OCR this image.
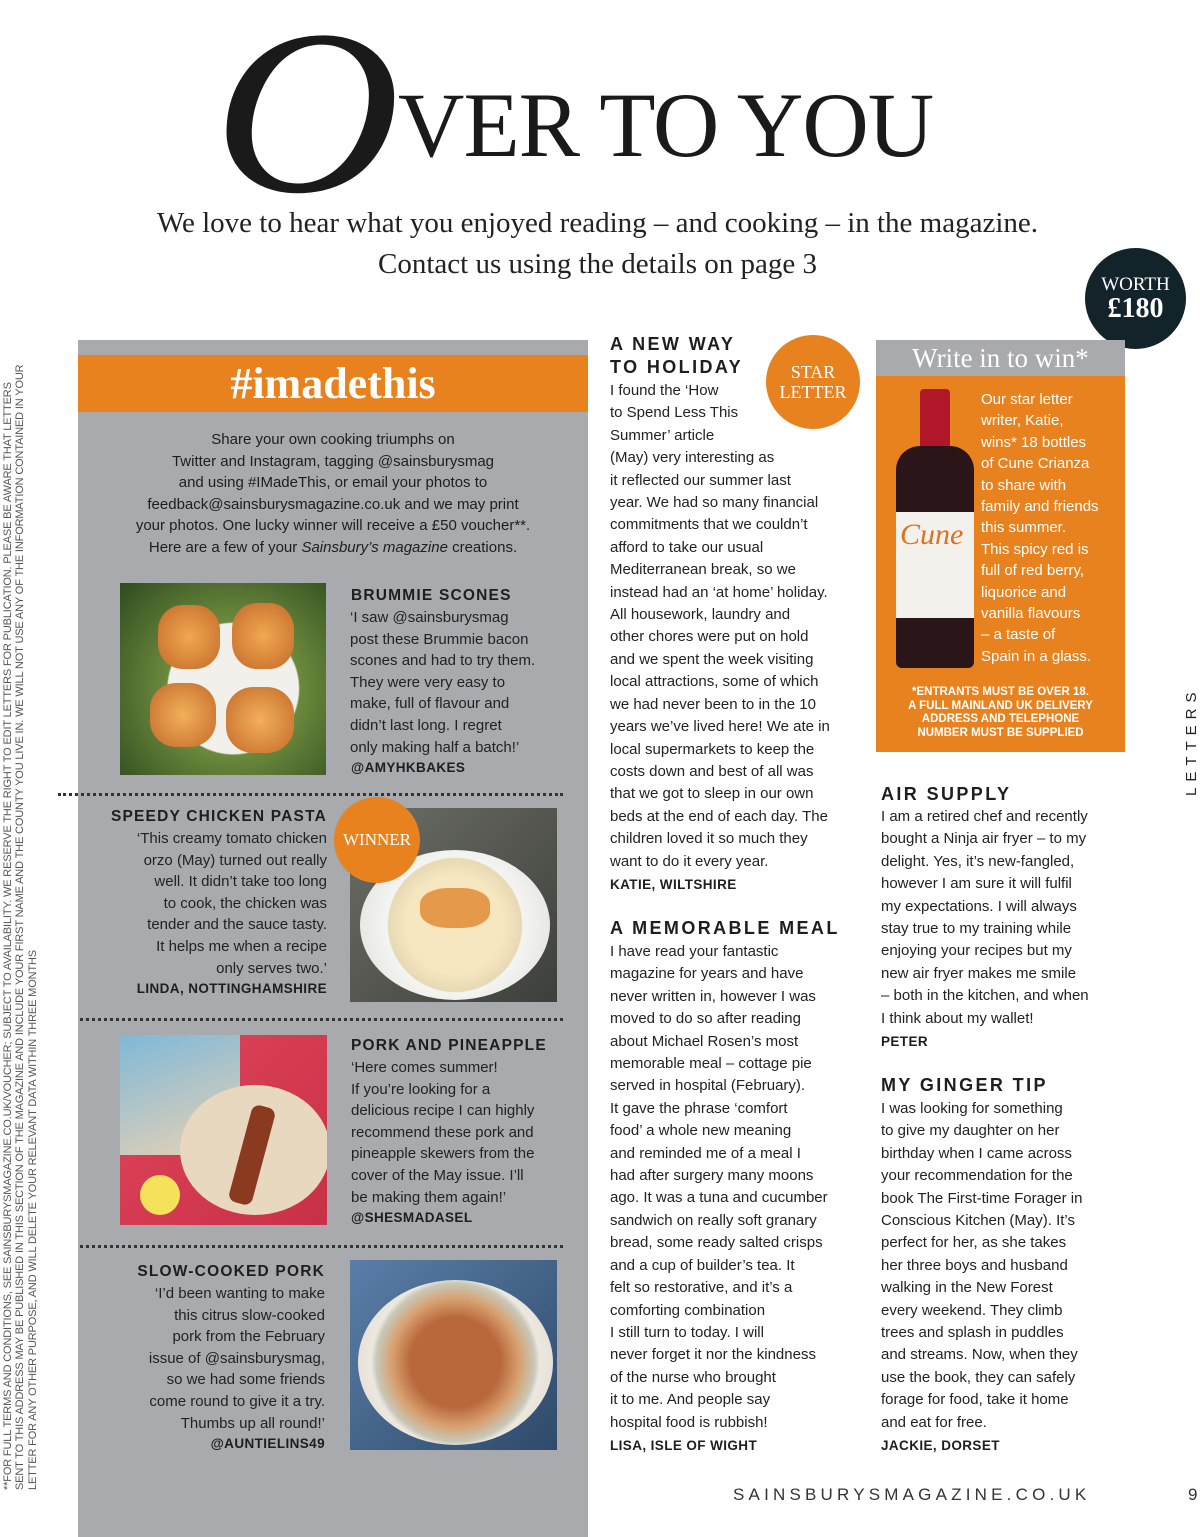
**FOR FULL TERMS AND CONDITIONS, SEE SAINSBURYSMAGAZINE.CO.UK/VOUCHER; SUBJECT TO AVAILABILITY. WE RESERVE THE RIGHT TO EDIT LETTERS FOR PUBLICATION. PLEASE BE AWARE THAT LETTERS SENT TO THIS ADDRESS MAY BE PUBLISHED IN THIS SECTION OF THE MAGAZINE AND INCLUDE YOUR FIRST NAME AND THE COUNTY YOU LIVE IN. WE WILL NOT USE ANY OF THE INFORMATION CONTAINED IN YOUR LETTER FOR ANY OTHER PURPOSE, AND WILL DELETE YOUR RELEVANT DATA WITHIN THREE MONTHS
O
VER TO YOU
We love to hear what you enjoyed reading – and cooking – in the magazine.
Contact us using the details on page 3
#imadethis
Share your own cooking triumphs on
Twitter and Instagram, tagging @sainsburysmag
and using #IMadeThis, or email your photos to
feedback@sainsburysmagazine.co.uk and we may print
your photos. One lucky winner will receive a £50 voucher**.
Here are a few of your Sainsbury’s magazine creations.
BRUMMIE SCONES
‘I saw @sainsburysmag
post these Brummie bacon
scones and had to try them.
They were very easy to
make, full of flavour and
didn’t last long. I regret
only making half a batch!’
@AMYHKBAKES
SPEEDY CHICKEN PASTA
‘This creamy tomato chicken
orzo (May) turned out really
well. It didn’t take too long
to cook, the chicken was
tender and the sauce tasty.
It helps me when a recipe
only serves two.’
LINDA, NOTTINGHAMSHIRE
WINNER
PORK AND PINEAPPLE
‘Here comes summer!
If you’re looking for a
delicious recipe I can highly
recommend these pork and
pineapple skewers from the
cover of the May issue. I’ll
be making them again!’
@SHESMADASEL
SLOW-COOKED PORK
‘I’d been wanting to make
this citrus slow-cooked
pork from the February
issue of @sainsburysmag,
so we had some friends
come round to give it a try.
Thumbs up all round!’
@AUNTIELINS49
A NEW WAY
TO HOLIDAY
I found the ‘How
to Spend Less This
Summer’ article
(May) very interesting as
it reflected our summer last
year. We had so many financial
commitments that we couldn’t
afford to take our usual
Mediterranean break, so we
instead had an ‘at home’ holiday.
All housework, laundry and
other chores were put on hold
and we spent the week visiting
local attractions, some of which
we had never been to in the 10
years we’ve lived here! We ate in
local supermarkets to keep the
costs down and best of all was
that we got to sleep in our own
beds at the end of each day. The
children loved it so much they
want to do it every year.
KATIE, WILTSHIRE
STAR
LETTER
A MEMORABLE MEAL
I have read your fantastic
magazine for years and have
never written in, however I was
moved to do so after reading
about Michael Rosen’s most
memorable meal – cottage pie
served in hospital (February).
It gave the phrase ‘comfort
food’ a whole new meaning
and reminded me of a meal I
had after surgery many moons
ago. It was a tuna and cucumber
sandwich on really soft granary
bread, some ready salted crisps
and a cup of builder’s tea. It
felt so restorative, and it’s a
comforting combination
I still turn to today. I will
never forget it nor the kindness
of the nurse who brought
it to me. And people say
hospital food is rubbish!
LISA, ISLE OF WIGHT
WORTH
£180
Write in to win*
Cune
Our star letter
writer, Katie,
wins* 18 bottles
of Cune Crianza
to share with
family and friends
this summer.
This spicy red is
full of red berry,
liquorice and
vanilla flavours
– a taste of
Spain in a glass.
*ENTRANTS MUST BE OVER 18.
A FULL MAINLAND UK DELIVERY
ADDRESS AND TELEPHONE
NUMBER MUST BE SUPPLIED
AIR SUPPLY
I am a retired chef and recently
bought a Ninja air fryer – to my
delight. Yes, it’s new-fangled,
however I am sure it will fulfil
my expectations. I will always
stay true to my training while
enjoying your recipes but my
new air fryer makes me smile
– both in the kitchen, and when
I think about my wallet!
PETER
MY GINGER TIP
I was looking for something
to give my daughter on her
birthday when I came across
your recommendation for the
book The First-time Forager in
Conscious Kitchen (May). It’s
perfect for her, as she takes
her three boys and husband
walking in the New Forest
every weekend. They climb
trees and splash in puddles
and streams. Now, when they
use the book, they can safely
forage for food, take it home
and eat for free.
JACKIE, DORSET
LETTERS
SAINSBURYSMAGAZINE.CO.UK	9
